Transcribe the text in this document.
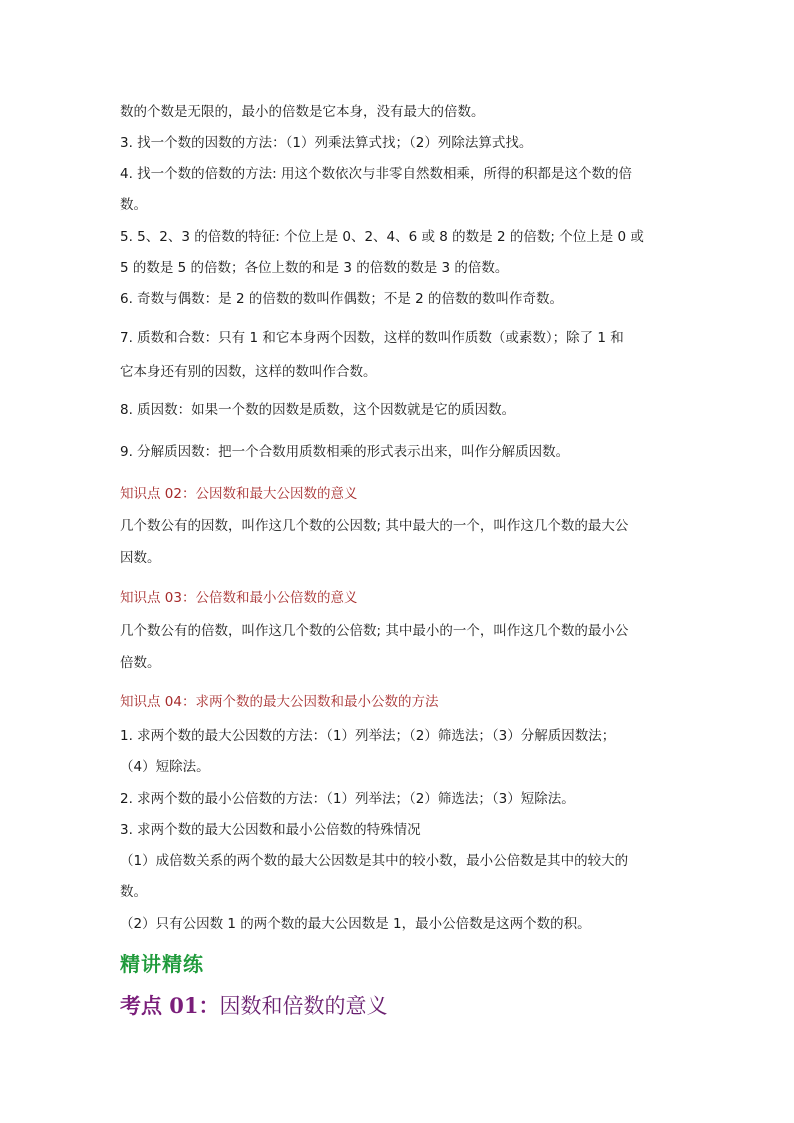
数的个数是无限的，最小的倍数是它本身，没有最大的倍数。
3. 找一个数的因数的方法：（1）列乘法算式找；（2）列除法算式找。
4. 找一个数的倍数的方法: 用这个数依次与非零自然数相乘，所得的积都是这个数的倍
数。
5. 5、2、3 的倍数的特征: 个位上是 0、2、4、6 或 8 的数是 2 的倍数; 个位上是 0 或
5 的数是 5 的倍数；各位上数的和是 3 的倍数的数是 3 的倍数。
6. 奇数与偶数：是 2 的倍数的数叫作偶数；不是 2 的倍数的数叫作奇数。
7. 质数和合数：只有 1 和它本身两个因数，这样的数叫作质数（或素数）；除了 1 和
它本身还有别的因数，这样的数叫作合数。
8. 质因数：如果一个数的因数是质数，这个因数就是它的质因数。
9. 分解质因数：把一个合数用质数相乘的形式表示出来，叫作分解质因数。
知识点 02：公因数和最大公因数的意义
几个数公有的因数，叫作这几个数的公因数; 其中最大的一个，叫作这几个数的最大公
因数。
知识点 03：公倍数和最小公倍数的意义
几个数公有的倍数，叫作这几个数的公倍数; 其中最小的一个，叫作这几个数的最小公
倍数。
知识点 04：求两个数的最大公因数和最小公数的方法
1. 求两个数的最大公因数的方法：（1）列举法；（2）筛选法；（3）分解质因数法；
（4）短除法。
2. 求两个数的最小公倍数的方法：（1）列举法；（2）筛选法；（3）短除法。
3. 求两个数的最大公因数和最小公倍数的特殊情况
（1）成倍数关系的两个数的最大公因数是其中的较小数，最小公倍数是其中的较大的
数。
（2）只有公因数 1 的两个数的最大公因数是 1，最小公倍数是这两个数的积。
精讲精练
考点 01：因数和倍数的意义
